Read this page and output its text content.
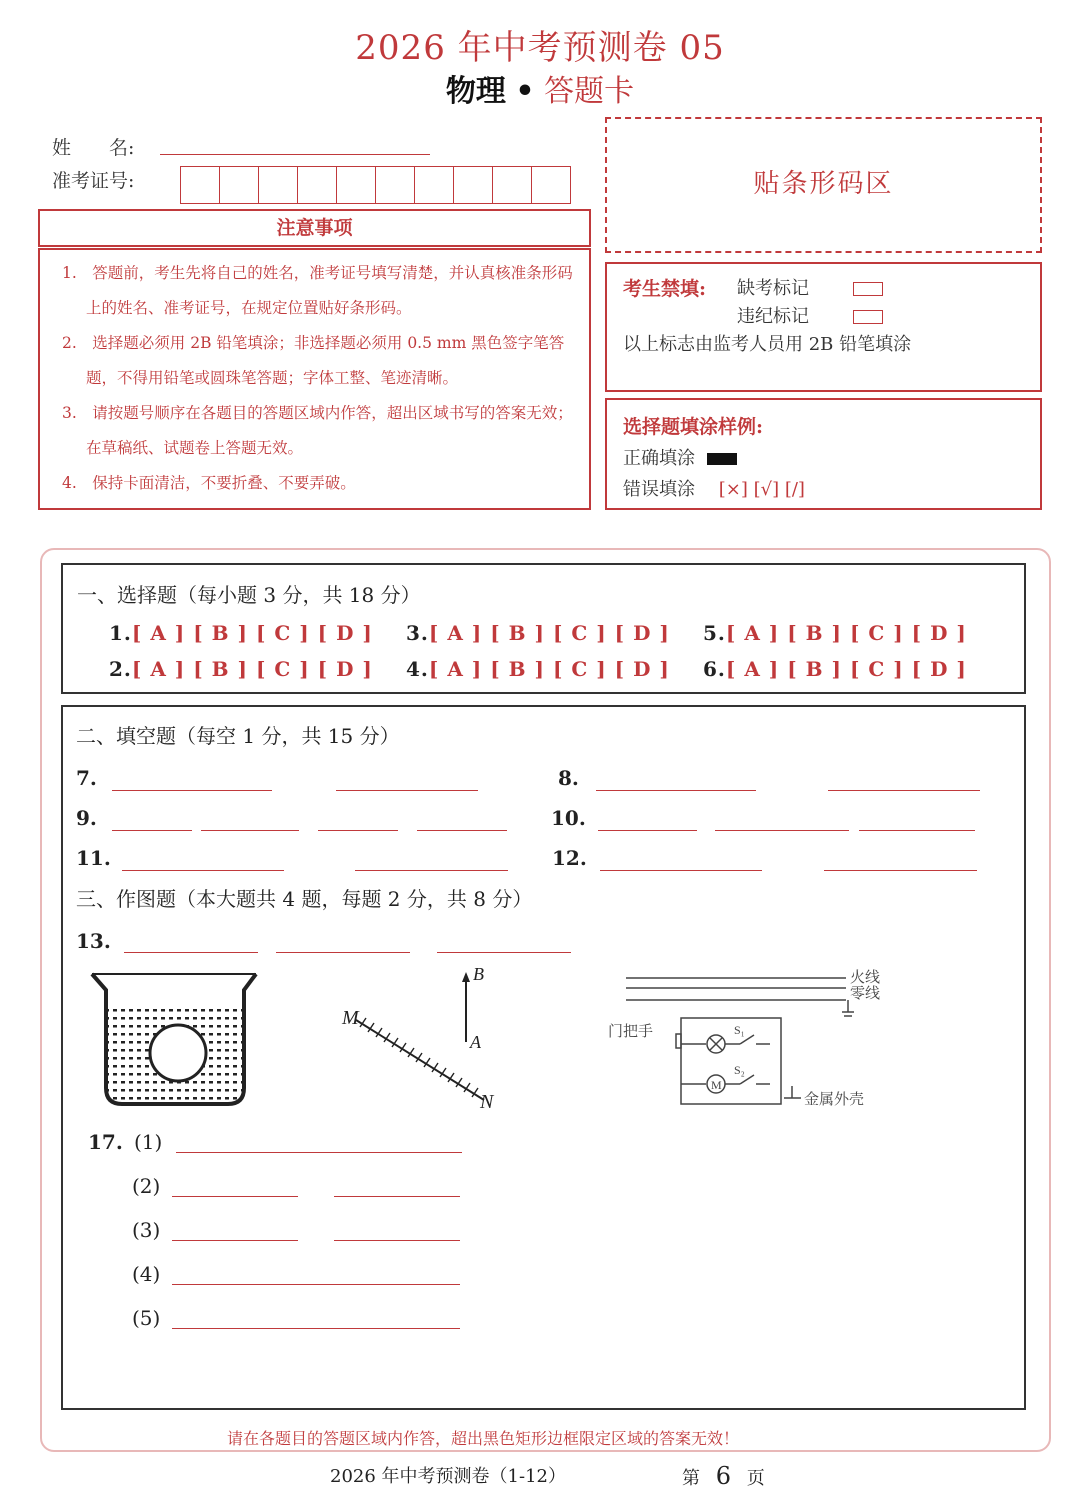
2026 年中考预测卷 05
物理 • 答题卡
姓　　名:
准考证号:
注意事项
1.　答题前，考生先将自己的姓名，准考证号填写清楚，并认真核准条形码上的姓名、准考证号，在规定位置贴好条形码。
2.　选择题必须用 2B 铅笔填涂；非选择题必须用 0.5 mm 黑色签字笔答题，不得用铅笔或圆珠笔答题；字体工整、笔迹清晰。
3.　请按题号顺序在各题目的答题区域内作答，超出区域书写的答案无效；在草稿纸、试题卷上答题无效。
4.　保持卡面清洁，不要折叠、不要弄破。
贴条形码区
考生禁填: 缺考标记
违纪标记
以上标志由监考人员用 2B 铅笔填涂
选择题填涂样例:
正确填涂
错误填涂 [×] [√] [/]
一、选择题（每小题 3 分，共 18 分）
1.[ A ] [ B ] [ C ] [ D ] 3.[ A ] [ B ] [ C ] [ D ] 5.[ A ] [ B ] [ C ] [ D ]
2.[ A ] [ B ] [ C ] [ D ] 4.[ A ] [ B ] [ C ] [ D ] 6.[ A ] [ B ] [ C ] [ D ]
二、填空题（每空 1 分，共 15 分）
7.	8.
9.	10.
11.	12.
三、作图题（本大题共 4 题，每题 2 分，共 8 分）
13.
M
N
A
B
M
S₁
S₂
火线
零线
门把手
金属外壳
17. (1)
(2)
(3)
(4)
(5)
请在各题目的答题区域内作答，超出黑色矩形边框限定区域的答案无效！
2026 年中考预测卷（1-12）	第 6 页
